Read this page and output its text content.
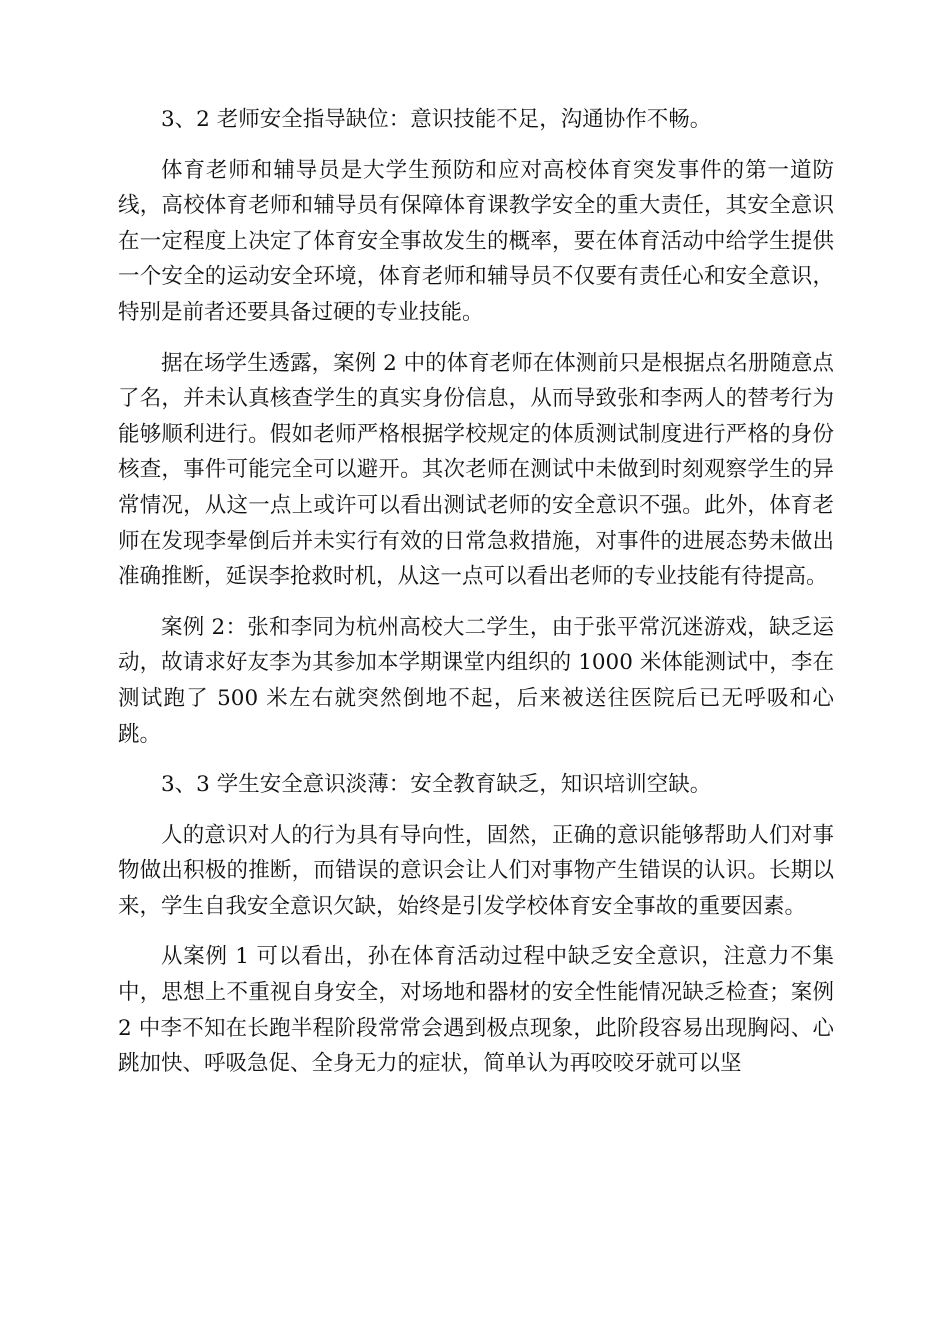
3、2 老师安全指导缺位：意识技能不足，沟通协作不畅。

体育老师和辅导员是大学生预防和应对高校体育突发事件的第一道防线，高校体育老师和辅导员有保障体育课教学安全的重大责任，其安全意识在一定程度上决定了体育安全事故发生的概率，要在体育活动中给学生提供一个安全的运动安全环境，体育老师和辅导员不仅要有责任心和安全意识，特别是前者还要具备过硬的专业技能。

据在场学生透露，案例 2 中的体育老师在体测前只是根据点名册随意点了名，并未认真核查学生的真实身份信息，从而导致张和李两人的替考行为能够顺利进行。假如老师严格根据学校规定的体质测试制度进行严格的身份核查，事件可能完全可以避开。其次老师在测试中未做到时刻观察学生的异常情况，从这一点上或许可以看出测试老师的安全意识不强。此外，体育老师在发现李晕倒后并未实行有效的日常急救措施，对事件的进展态势未做出准确推断，延误李抢救时机，从这一点可以看出老师的专业技能有待提高。

案例 2：张和李同为杭州高校大二学生，由于张平常沉迷游戏，缺乏运动，故请求好友李为其参加本学期课堂内组织的 1000 米体能测试中，李在测试跑了 500 米左右就突然倒地不起，后来被送往医院后已无呼吸和心跳。

3、3 学生安全意识淡薄：安全教育缺乏，知识培训空缺。

人的意识对人的行为具有导向性，固然，正确的意识能够帮助人们对事物做出积极的推断，而错误的意识会让人们对事物产生错误的认识。长期以来，学生自我安全意识欠缺，始终是引发学校体育安全事故的重要因素。

从案例 1 可以看出，孙在体育活动过程中缺乏安全意识，注意力不集中，思想上不重视自身安全，对场地和器材的安全性能情况缺乏检查；案例 2 中李不知在长跑半程阶段常常会遇到极点现象，此阶段容易出现胸闷、心跳加快、呼吸急促、全身无力的症状，简单认为再咬咬牙就可以坚
